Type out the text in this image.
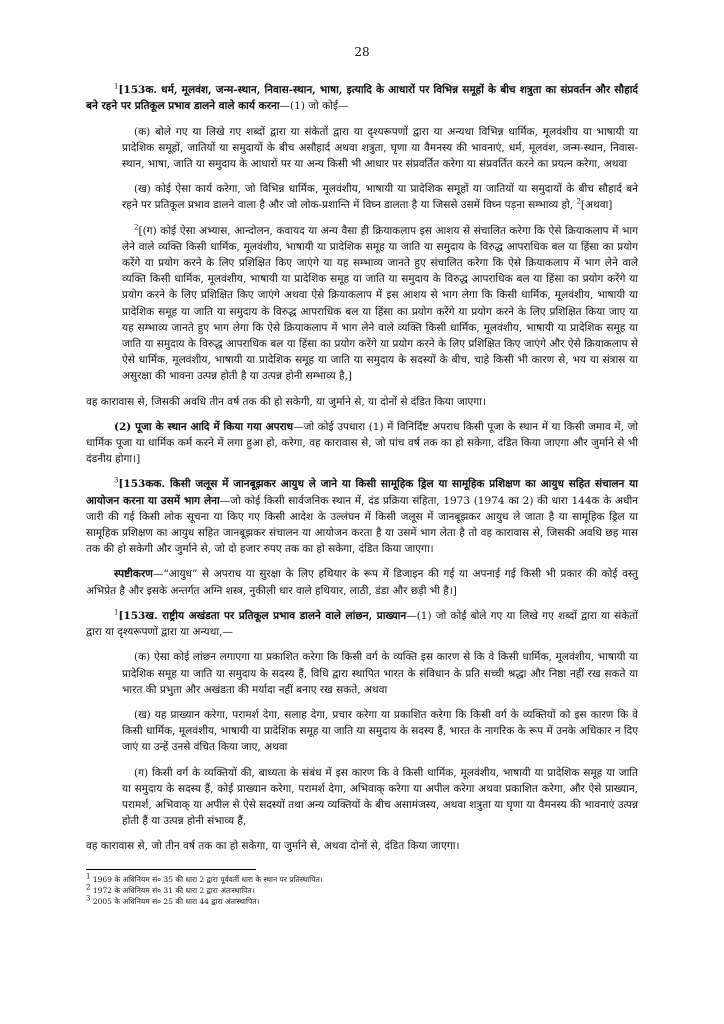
28

$^1$[153क. धर्म, मूलवंश, जन्म-स्थान, निवास-स्थान, भाषा, इत्यादि के आधारों पर विभिन्न समूहों के बीच शत्रुता का संप्रवर्तन और सौहार्द बने रहने पर प्रतिकूल प्रभाव डालने वाले कार्य करना—(1) जो कोई—

(क) बोले गए या लिखे गए शब्दों द्वारा या संकेतों द्वारा या दृश्यरूपणों द्वारा या अन्यथा विभिन्न धार्मिक, मूलवंशीय या भाषायी या प्रादेशिक समूहों, जातियों या समुदायों के बीच असौहार्द अथवा शत्रुता, घृणा या वैमनस्य की भावनाएं, धर्म, मूलवंश, जन्म-स्थान, निवास-स्थान, भाषा, जाति या समुदाय के आधारों पर या अन्य किसी भी आधार पर संप्रवर्तित करेगा या संप्रवर्तित करने का प्रयत्न करेगा, अथवा

(ख) कोई ऐसा कार्य करेगा, जो विभिन्न धार्मिक, मूलवंशीय, भाषायी या प्रादेशिक समूहों या जातियों या समुदायों के बीच सौहार्द बने रहने पर प्रतिकूल प्रभाव डालने वाला है और जो लोक-प्रशान्ति में विघ्न डालता है या जिससे उसमें विघ्न पड़ना सम्भाव्य हो, $^2$[अथवा]

$^2$[(ग) कोई ऐसा अभ्यास, आन्दोलन, कवायद या अन्य वैसा ही क्रियाकलाप इस आशय से संचालित करेगा कि ऐसे क्रियाकलाप में भाग लेने वाले व्यक्ति किसी धार्मिक, मूलवंशीय, भाषायी या प्रादेशिक समूह या जाति या समुदाय के विरुद्ध आपराधिक बल या हिंसा का प्रयोग करेंगे या प्रयोग करने के लिए प्रशिक्षित किए जाएंगे या यह सम्भाव्य जानते हुए संचालित करेगा कि ऐसे क्रियाकलाप में भाग लेने वाले व्यक्ति किसी धार्मिक, मूलवंशीय, भाषायी या प्रादेशिक समूह या जाति या समुदाय के विरुद्ध आपराधिक बल या हिंसा का प्रयोग करेंगे या प्रयोग करने के लिए प्रशिक्षित किए जाएंगे अथवा ऐसे क्रियाकलाप में इस आशय से भाग लेगा कि किसी धार्मिक, मूलवंशीय, भाषायी या प्रादेशिक समूह या जाति या समुदाय के विरुद्ध आपराधिक बल या हिंसा का प्रयोग करेंगे या प्रयोग करने के लिए प्रशिक्षित किया जाए या यह सम्भाव्य जानते हुए भाग लेगा कि ऐसे क्रियाकलाप में भाग लेने वाले व्यक्ति किसी धार्मिक, मूलवंशीय, भाषायी या प्रादेशिक समूह या जाति या समुदाय के विरुद्ध आपराधिक बल या हिंसा का प्रयोग करेंगे या प्रयोग करने के लिए प्रशिक्षित किए जाएंगे और ऐसे क्रियाकलाप से ऐसे धार्मिक, मूलवंशीय, भाषायी या प्रादेशिक समूह या जाति या समुदाय के सदस्यों के बीच, चाहे किसी भी कारण से, भय या संत्रास या असुरक्षा की भावना उत्पन्न होती है या उत्पन्न होनी सम्भाव्य है,]

वह कारावास से, जिसकी अवधि तीन वर्ष तक की हो सकेगी, या जुर्माने से, या दोनों से दंडित किया जाएगा।

(2) पूजा के स्थान आदि में किया गया अपराध—जो कोई उपधारा (1) में विनिर्दिष्ट अपराध किसी पूजा के स्थान में या किसी जमाव में, जो धार्मिक पूजा या धार्मिक कर्म करने में लगा हुआ हो, करेगा, वह कारावास से, जो पांच वर्ष तक का हो सकेगा, दंडित किया जाएगा और जुर्माने से भी दंडनीय होगा।]

$^3$[153कक. किसी जलूस में जानबूझकर आयुध ले जाने या किसी सामूहिक ड्रिल या सामूहिक प्रशिक्षण का आयुध सहित संचालन या आयोजन करना या उसमें भाग लेना—जो कोई किसी सार्वजनिक स्थान में, दंड प्रक्रिया संहिता, 1973 (1974 का 2) की धारा 144क के अधीन जारी की गई किसी लोक सूचना या किए गए किसी आदेश के उल्लंघन में किसी जलूस में जानबूझकर आयुध ले जाता है या सामूहिक ड्रिल या सामूहिक प्रशिक्षण का आयुध सहित जानबूझकर संचालन या आयोजन करता है या उसमें भाग लेता है तो वह कारावास से, जिसकी अवधि छह मास तक की हो सकेगी और जुर्माने से, जो दो हजार रुपए तक का हो सकेगा, दंडित किया जाएगा।

स्पष्टीकरण—“आयुध” से अपराध या सुरक्षा के लिए हथियार के रूप में डिजाइन की गई या अपनाई गई किसी भी प्रकार की कोई वस्तु अभिप्रेत है और इसके अन्तर्गत अग्नि शस्त्र, नुकीली धार वाले हथियार, लाठी, डंडा और छड़ी भी है।]

$^1$[153ख. राष्ट्रीय अखंडता पर प्रतिकूल प्रभाव डालने वाले लांछन, प्राख्यान—(1) जो कोई बोले गए या लिखे गए शब्दों द्वारा या संकेतों द्वारा या दृश्यरूपणों द्वारा या अन्यथा,—

(क) ऐसा कोई लांछन लगाएगा या प्रकाशित करेगा कि किसी वर्ग के व्यक्ति इस कारण से कि वे किसी धार्मिक, मूलवंशीय, भाषायी या प्रादेशिक समूह या जाति या समुदाय के सदस्य हैं, विधि द्वारा स्थापित भारत के संविधान के प्रति सच्ची श्रद्धा और निष्ठा नहीं रख सकते या भारत की प्रभुता और अखंडता की मर्यादा नहीं बनाए रख सकते, अथवा

(ख) यह प्राख्यान करेगा, परामर्श देगा, सलाह देगा, प्रचार करेगा या प्रकाशित करेगा कि किसी वर्ग के व्यक्तियों को इस कारण कि वे किसी धार्मिक, मूलवंशीय, भाषायी या प्रादेशिक समूह या जाति या समुदाय के सदस्य हैं, भारत के नागरिक के रूप में उनके अधिकार न दिए जाएं या उन्हें उनसे वंचित किया जाए, अथवा

(ग) किसी वर्ग के व्यक्तियों की, बाध्यता के संबंध में इस कारण कि वे किसी धार्मिक, मूलवंशीय, भाषायी या प्रादेशिक समूह या जाति या समुदाय के सदस्य हैं, कोई प्राख्यान करेगा, परामर्श देगा, अभिवाक् करेगा या अपील करेगा अथवा प्रकाशित करेगा, और ऐसे प्राख्यान, परामर्श, अभिवाक् या अपील से ऐसे सदस्यों तथा अन्य व्यक्तियों के बीच असामंजस्य, अथवा शत्रुता या घृणा या वैमनस्य की भावनाएं उत्पन्न होती हैं या उत्पन्न होनी संभाव्य हैं,

वह कारावास से, जो तीन वर्ष तक का हो सकेगा, या जुर्माने से, अथवा दोनों से, दंडित किया जाएगा।

$^1$ 1969 के अधिनियम सं० 35 की धारा 2 द्वारा पूर्ववर्ती धारा के स्थान पर प्रतिस्थापित।

$^2$ 1972 के अधिनियम सं० 31 की धारा 2 द्वारा अंतःस्थापित।

$^3$ 2005 के अधिनियम सं० 25 की धारा 44 द्वारा अंतःस्थापित।
